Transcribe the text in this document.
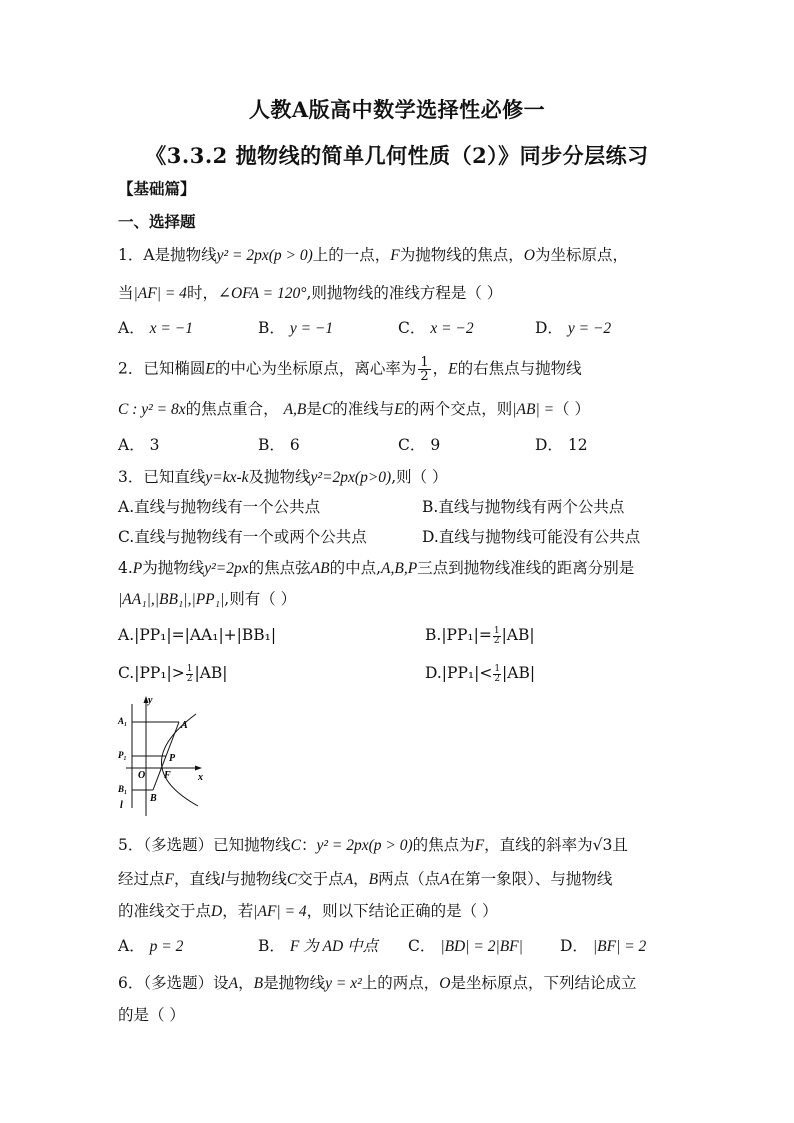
人教A版高中数学选择性必修一
《3.3.2 抛物线的简单几何性质（2）》同步分层练习
【基础篇】
一、选择题
1．A是抛物线y² = 2px(p > 0)上的一点，F为抛物线的焦点，O为坐标原点，
当|AF| = 4时，∠OFA = 120°,则抛物线的准线方程是（ ）
A． x = −1	B． y = −1	C． x = −2	D． y = −2
2．已知椭圆E的中心为坐标原点，离心率为 $\frac{1}{2}$ ，E的右焦点与抛物线
C : y² = 8x的焦点重合， A,B是C的准线与E的两个交点，则|AB| =（ ）
A． 3	B． 6	C． 9	D． 12
3．已知直线y=kx-k及抛物线y²=2px(p>0),则（ ）
A.直线与抛物线有一个公共点	B.直线与抛物线有两个公共点
C.直线与抛物线有一个或两个公共点	D.直线与抛物线可能没有公共点
4.P为抛物线y²=2px的焦点弦AB的中点,A,B,P三点到抛物线准线的距离分别是
|AA₁|,|BB₁|,|PP₁|,则有（ ）
A.|PP₁|=|AA₁|+|BB₁|	$B.|PP_1|= \frac{1}{2} |AB|$
$C.|PP_1|> \frac{1}{2} |AB|$	$D.|PP_1|< \frac{1}{2} |AB|$
y
x
A₁	A
P₁	P
O F
B₁
B
l
5．（多选题）已知抛物线C：y² = 2px(p > 0)的焦点为F，直线的斜率为√3且
经过点F，直线l与抛物线C交于点A，B两点（点A在第一象限）、与抛物线
的准线交于点D，若|AF| = 4，则以下结论正确的是（ ）
A． p = 2	B． F 为 AD 中点 C． |BD| = 2|BF| D． |BF| = 2
6．（多选题）设A，B是抛物线y = x²上的两点，O是坐标原点，下列结论成立
的是（ ）
